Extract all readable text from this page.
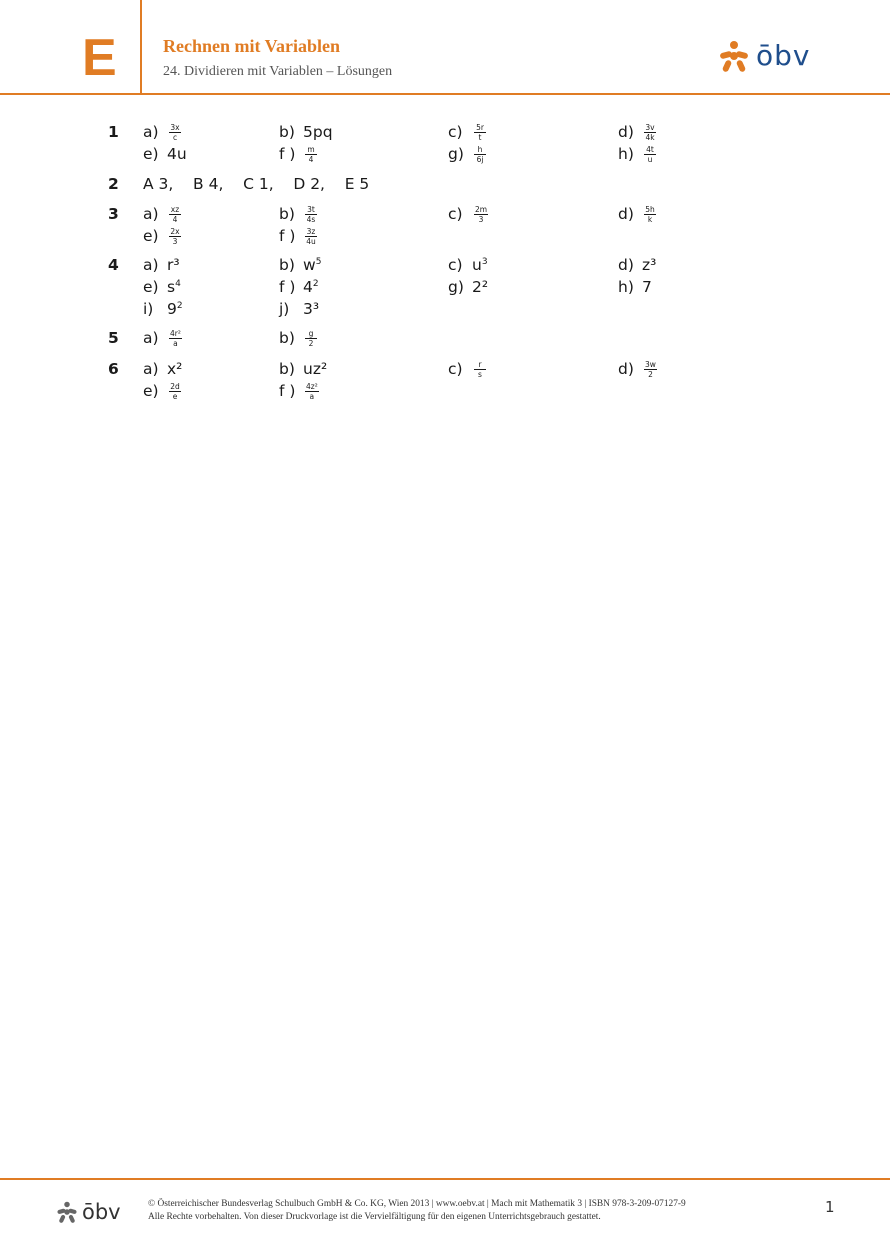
E	Rechnen mit Variablen
24. Dividieren mit Variablen – Lösungen	ōbv
1 a)	$\frac{3x}{c}$	b) 5pq	c)	$\frac{5r}{t}$	d)	$\frac{3v}{4k}$
e) 4u	f )	$\frac{m}{4}$	g)	$\frac{h}{6j}$	h)	$\frac{4t}{u}$
2 A 3,    B 4,    C 1,    D 2,    E 5
3 a)	$\frac{xz}{4}$	b)	$\frac{3t}{4s}$	c)	$\frac{2m}{3}$	d)	$\frac{5h}{k}$
e)	$\frac{2x}{3}$	f )	$\frac{3z}{4u}$
4 a) r³	b) $w^5$	c) $u^3$	d) z³
e) $s^4$	f ) $4^2$	g) 2²	h) 7
i) $9^2$	j) 3³
5 a)	$\frac{\text{4r²}}{a}$	b)	$\frac{g}{2}$
6 a) x²	b) uz²	c)	$\frac{r}{s}$	d)	$\frac{3w}{2}$
e)	$\frac{2d}{e}$	f )	$\frac{\text{4z²}}{a}$
ōbv	© Österreichischer Bundesverlag Schulbuch GmbH & Co. KG, Wien 2013 | www.oebv.at | Mach mit Mathematik 3 | ISBN 978-3-209-07127-9
Alle Rechte vorbehalten. Von dieser Druckvorlage ist die Vervielfältigung für den eigenen Unterrichtsgebrauch gestattet.
1
